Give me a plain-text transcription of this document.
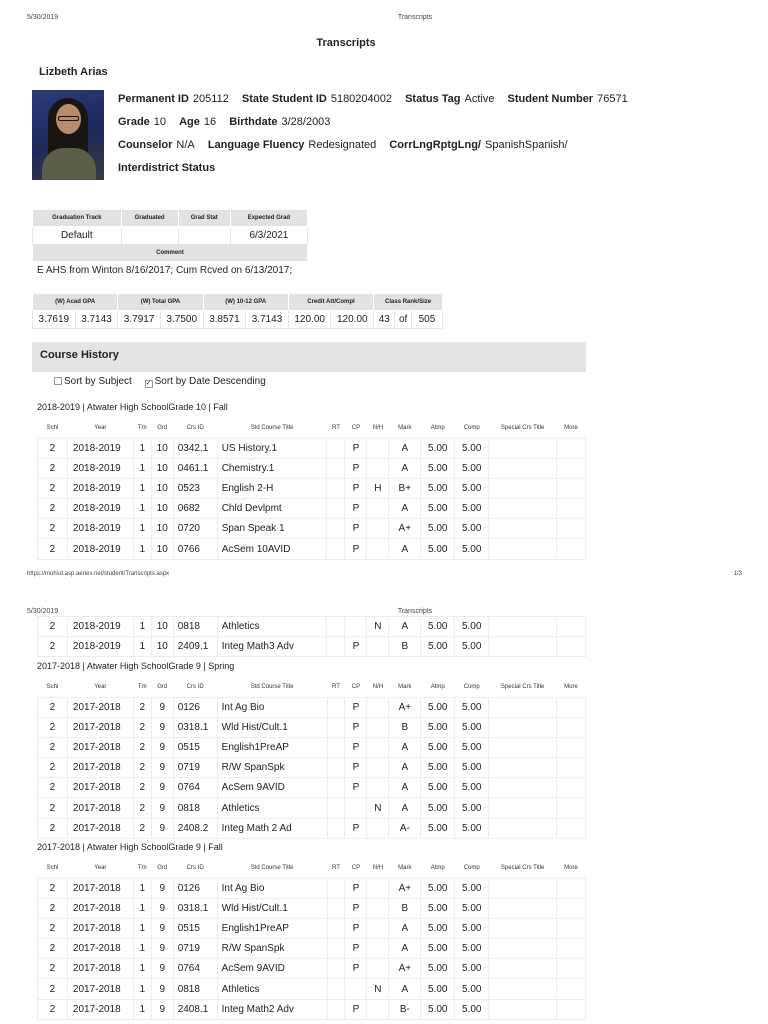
5/30/2019	Transcripts
Transcripts
Lizbeth Arias
Permanent ID 205112 State Student ID 5180204002 Status Tag Active Student Number 76571
Grade 10 Age 16 Birthdate 3/28/2003
Counselor N/A Language Fluency Redesignated CorrLngRptgLng/ SpanishSpanish/
Interdistrict Status
Graduation Track	Graduated	Grad Stat	Expected Grad
Default			6/3/2021
Comment			
E AHS from Winton 8/16/2017; Cum Rcved on 6/13/2017;
(W) Acad GPA		(W) Total GPA		(W) 10-12 GPA		Credit Att/Compl		Class Rank/Size		
3.7619	3.7143	3.7917	3.7500	3.8571	3.7143	120.00	120.00	43	of	505
Course History
Sort by Subject ✓ Sort by Date Descending
2018-2019 | Atwater High SchoolGrade 10 | Fall
Schl	Year	Tm	Grd	Crs ID	Std Course Title	RT	CP	N/H	Mark	Atmp	Comp	Special Crs Title	More
2	2018-2019	1	10	0342.1	US History.1		P		A	5.00	5.00		
2	2018-2019	1	10	0461.1	Chemistry.1		P		A	5.00	5.00		
2	2018-2019	1	10	0523	English 2-H		P	H	B+	5.00	5.00		
2	2018-2019	1	10	0682	Chld Devlpmt		P		A	5.00	5.00		
2	2018-2019	1	10	0720	Span Speak 1		P		A+	5.00	5.00		
2	2018-2019	1	10	0766	AcSem 10AVID		P		A	5.00	5.00		
https://muhsd.asp.aeries.net/student/Transcripts.aspx	1/3
5/30/2019	Transcripts
2	2018-2019	1	10	0818	Athletics			N	A	5.00	5.00		
2	2018-2019	1	10	2409.1	Integ Math3 Adv		P		B	5.00	5.00		
2017-2018 | Atwater High SchoolGrade 9 | Spring
Schl	Year	Tm	Grd	Crs ID	Std Course Title	RT	CP	N/H	Mark	Atmp	Comp	Special Crs Title	More
2	2017-2018	2	9	0126	Int Ag Bio		P		A+	5.00	5.00		
2	2017-2018	2	9	0318.1	Wld Hist/Cult.1		P		B	5.00	5.00		
2	2017-2018	2	9	0515	English1PreAP		P		A	5.00	5.00		
2	2017-2018	2	9	0719	R/W SpanSpk		P		A	5.00	5.00		
2	2017-2018	2	9	0764	AcSem 9AVID		P		A	5.00	5.00		
2	2017-2018	2	9	0818	Athletics			N	A	5.00	5.00		
2	2017-2018	2	9	2408.2	Integ Math 2 Ad		P		A-	5.00	5.00		
2017-2018 | Atwater High SchoolGrade 9 | Fall
Schl	Year	Tm	Grd	Crs ID	Std Course Title	RT	CP	N/H	Mark	Atmp	Comp	Special Crs Title	More
2	2017-2018	1	9	0126	Int Ag Bio		P		A+	5.00	5.00		
2	2017-2018	1	9	0318.1	Wld Hist/Cult.1		P		B	5.00	5.00		
2	2017-2018	1	9	0515	English1PreAP		P		A	5.00	5.00		
2	2017-2018	1	9	0719	R/W SpanSpk		P		A	5.00	5.00		
2	2017-2018	1	9	0764	AcSem 9AVID		P		A+	5.00	5.00		
2	2017-2018	1	9	0818	Athletics			N	A	5.00	5.00		
2	2017-2018	1	9	2408.1	Integ Math2 Adv		P		B-	5.00	5.00		
